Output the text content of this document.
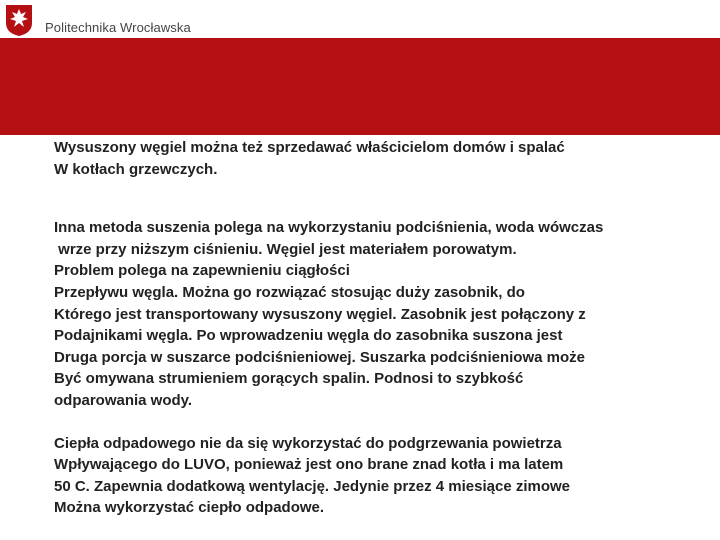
Politechnika Wrocławska
Wysuszony węgiel można też sprzedawać właścicielom domów i spalać
W kotłach grzewczych.
Inna metoda suszenia polega na wykorzystaniu podciśnienia, woda wówczas
wrze przy niższym ciśnieniu. Węgiel jest materiałem porowatym.
Problem polega na zapewnieniu ciągłości
Przepływu węgla. Można go rozwiązać stosując duży zasobnik, do
Którego jest transportowany wysuszony węgiel. Zasobnik jest połączony z
Podajnikami węgla. Po wprowadzeniu węgla do zasobnika suszona jest
Druga porcja w suszarce podciśnieniowej. Suszarka podciśnieniowa może
Być omywana strumieniem gorących spalin. Podnosi to szybkość
odparowania wody.
Ciepła odpadowego nie da się wykorzystać do podgrzewania powietrza
Wpływającego do LUVO, ponieważ jest ono brane znad kotła i ma latem
50 C. Zapewnia dodatkową wentylację. Jedynie przez 4 miesiące zimowe
Można wykorzystać ciepło odpadowe.
